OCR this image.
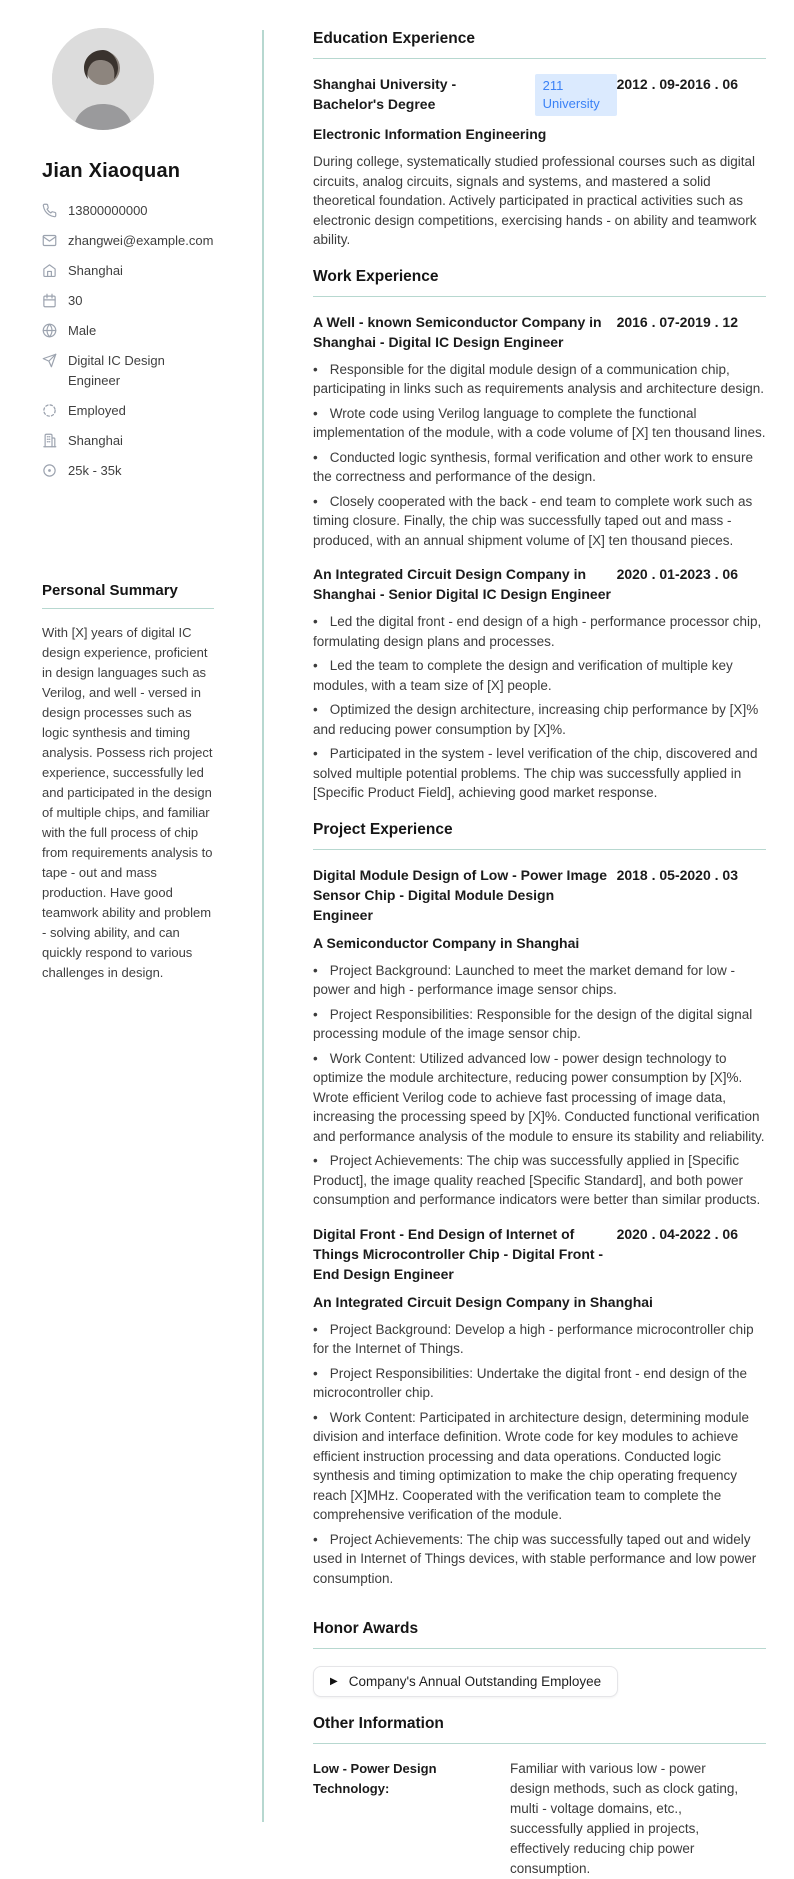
Jian Xiaoquan
13800000000
zhangwei@example.com
Shanghai
30
Male
Digital IC Design Engineer
Employed
Shanghai
25k - 35k
Personal Summary
With [X] years of digital IC design experience, proficient in design languages such as Verilog, and well - versed in design processes such as logic synthesis and timing analysis. Possess rich project experience, successfully led and participated in the design of multiple chips, and familiar with the full process of chip from requirements analysis to tape - out and mass production. Have good teamwork ability and problem - solving ability, and can quickly respond to various challenges in design.
Education Experience
Shanghai University - Bachelor's Degree
211 University
2012 . 09-2016 . 06
Electronic Information Engineering
During college, systematically studied professional courses such as digital circuits, analog circuits, signals and systems, and mastered a solid theoretical foundation. Actively participated in practical activities such as electronic design competitions, exercising hands - on ability and teamwork ability.
Work Experience
A Well - known Semiconductor Company in Shanghai - Digital IC Design Engineer
2016 . 07-2019 . 12

• Responsible for the digital module design of a communication chip, participating in links such as requirements analysis and architecture design.

• Wrote code using Verilog language to complete the functional implementation of the module, with a code volume of [X] ten thousand lines.

• Conducted logic synthesis, formal verification and other work to ensure the correctness and performance of the design.

• Closely cooperated with the back - end team to complete work such as timing closure. Finally, the chip was successfully taped out and mass - produced, with an annual shipment volume of [X] ten thousand pieces.

An Integrated Circuit Design Company in Shanghai - Senior Digital IC Design Engineer
2020 . 01-2023 . 06

• Led the digital front - end design of a high - performance processor chip, formulating design plans and processes.

• Led the team to complete the design and verification of multiple key modules, with a team size of [X] people.

• Optimized the design architecture, increasing chip performance by [X]% and reducing power consumption by [X]%.

• Participated in the system - level verification of the chip, discovered and solved multiple potential problems. The chip was successfully applied in [Specific Product Field], achieving good market response.

Project Experience
Digital Module Design of Low - Power Image Sensor Chip - Digital Module Design Engineer
2018 . 05-2020 . 03
A Semiconductor Company in Shanghai

• Project Background: Launched to meet the market demand for low - power and high - performance image sensor chips.

• Project Responsibilities: Responsible for the design of the digital signal processing module of the image sensor chip.

• Work Content: Utilized advanced low - power design technology to optimize the module architecture, reducing power consumption by [X]%. Wrote efficient Verilog code to achieve fast processing of image data, increasing the processing speed by [X]%. Conducted functional verification and performance analysis of the module to ensure its stability and reliability.

• Project Achievements: The chip was successfully applied in [Specific Product], the image quality reached [Specific Standard], and both power consumption and performance indicators were better than similar products.

Digital Front - End Design of Internet of Things Microcontroller Chip - Digital Front - End Design Engineer
2020 . 04-2022 . 06
An Integrated Circuit Design Company in Shanghai

• Project Background: Develop a high - performance microcontroller chip for the Internet of Things.

• Project Responsibilities: Undertake the digital front - end design of the microcontroller chip.

• Work Content: Participated in architecture design, determining module division and interface definition. Wrote code for key modules to achieve efficient instruction processing and data operations. Conducted logic synthesis and timing optimization to make the chip operating frequency reach [X]MHz. Cooperated with the verification team to complete the comprehensive verification of the module.

• Project Achievements: The chip was successfully taped out and widely used in Internet of Things devices, with stable performance and low power consumption.

Honor Awards
▶ Company's Annual Outstanding Employee
Other Information
Low - Power Design Technology:
Familiar with various low - power design methods, such as clock gating, multi - voltage domains, etc., successfully applied in projects, effectively reducing chip power consumption.
